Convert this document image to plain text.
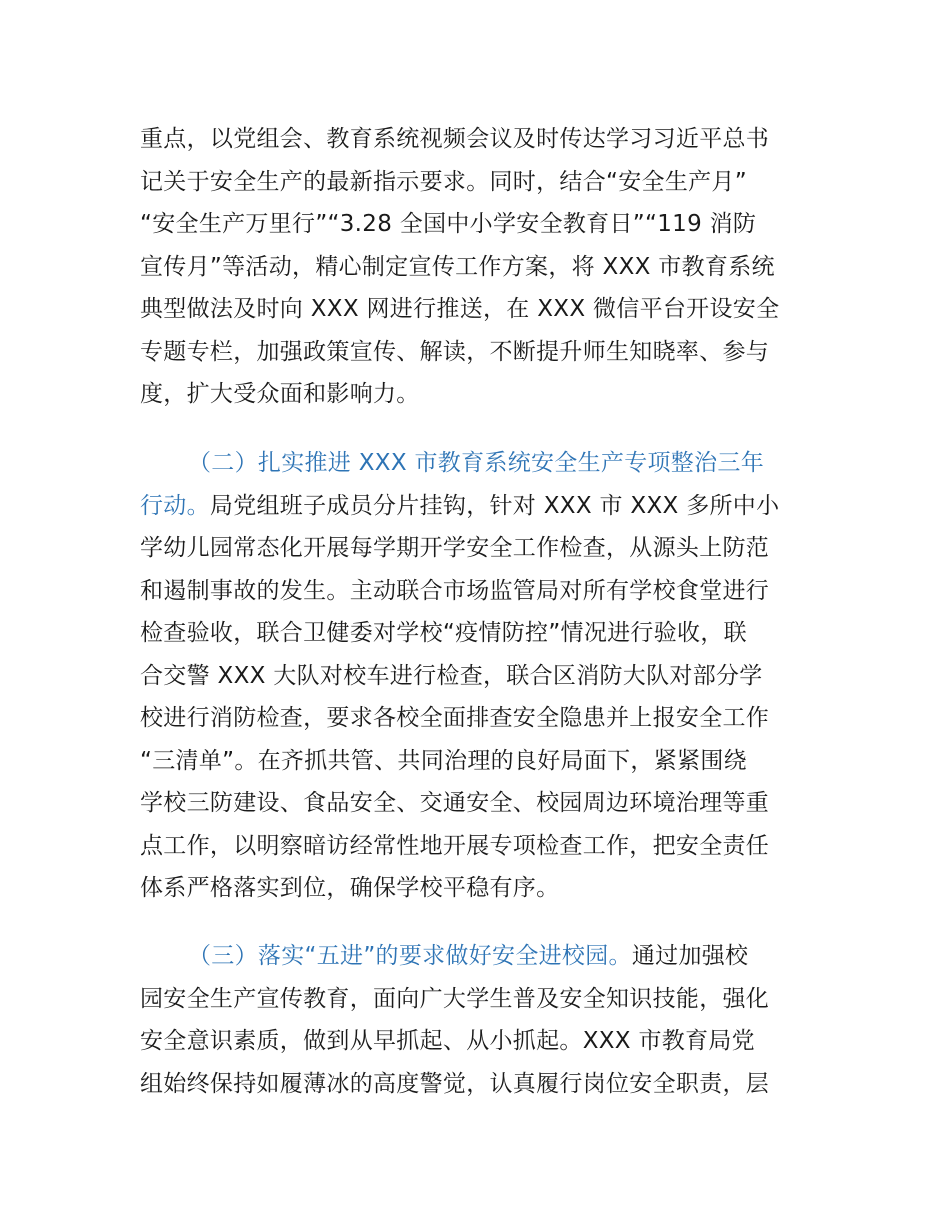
重点，以党组会、教育系统视频会议及时传达学习习近平总书
记关于安全生产的最新指示要求。同时，结合“安全生产月”
“安全生产万里行”“3.28 全国中小学安全教育日”“119 消防
宣传月”等活动，精心制定宣传工作方案，将 XXX 市教育系统
典型做法及时向 XXX 网进行推送，在 XXX 微信平台开设安全
专题专栏，加强政策宣传、解读，不断提升师生知晓率、参与
度，扩大受众面和影响力。
（二）扎实推进 XXX 市教育系统安全生产专项整治三年
行动。局党组班子成员分片挂钩，针对 XXX 市 XXX 多所中小
学幼儿园常态化开展每学期开学安全工作检查，从源头上防范
和遏制事故的发生。主动联合市场监管局对所有学校食堂进行
检查验收，联合卫健委对学校“疫情防控”情况进行验收，联
合交警 XXX 大队对校车进行检查，联合区消防大队对部分学
校进行消防检查，要求各校全面排查安全隐患并上报安全工作
“三清单”。在齐抓共管、共同治理的良好局面下，紧紧围绕
学校三防建设、食品安全、交通安全、校园周边环境治理等重
点工作，以明察暗访经常性地开展专项检查工作，把安全责任
体系严格落实到位，确保学校平稳有序。
（三）落实“五进”的要求做好安全进校园。通过加强校
园安全生产宣传教育，面向广大学生普及安全知识技能，强化
安全意识素质，做到从早抓起、从小抓起。XXX 市教育局党
组始终保持如履薄冰的高度警觉，认真履行岗位安全职责，层
